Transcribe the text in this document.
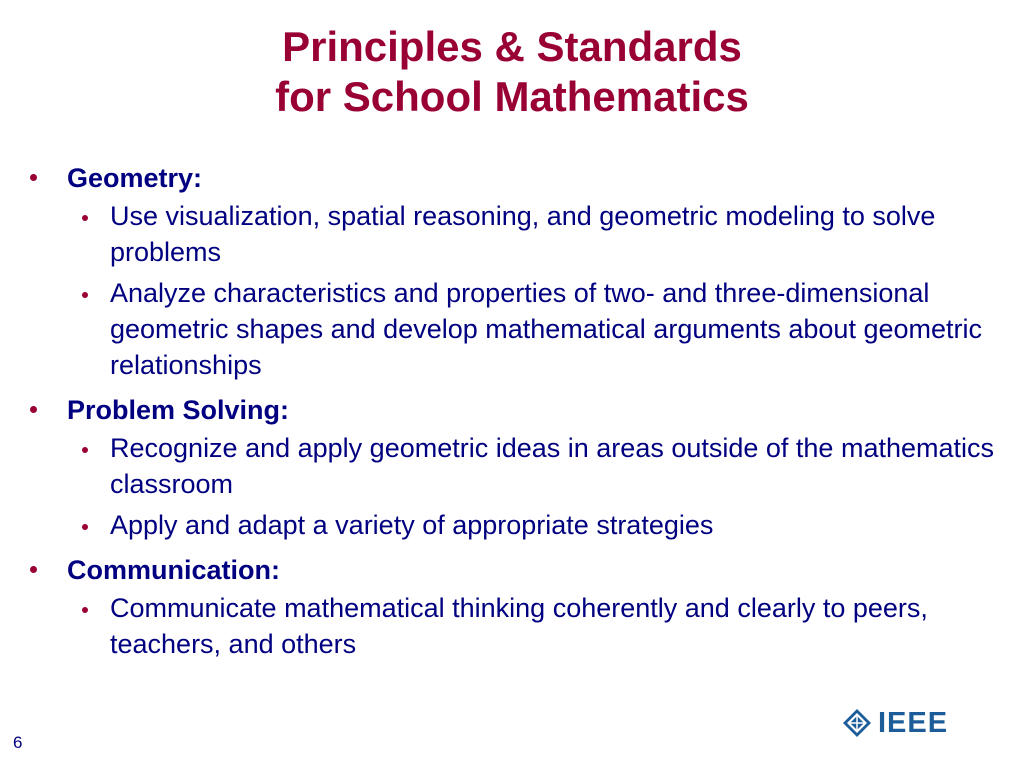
Principles & Standards
for School Mathematics
Geometry:
Use visualization, spatial reasoning, and geometric modeling to solve problems
Analyze characteristics and properties of two- and three-dimensional geometric shapes and develop mathematical arguments about geometric relationships
Problem Solving:
Recognize and apply geometric ideas in areas outside of the mathematics classroom
Apply and adapt a variety of appropriate strategies
Communication:
Communicate mathematical thinking coherently and clearly to peers, teachers, and others
6
IEEE
